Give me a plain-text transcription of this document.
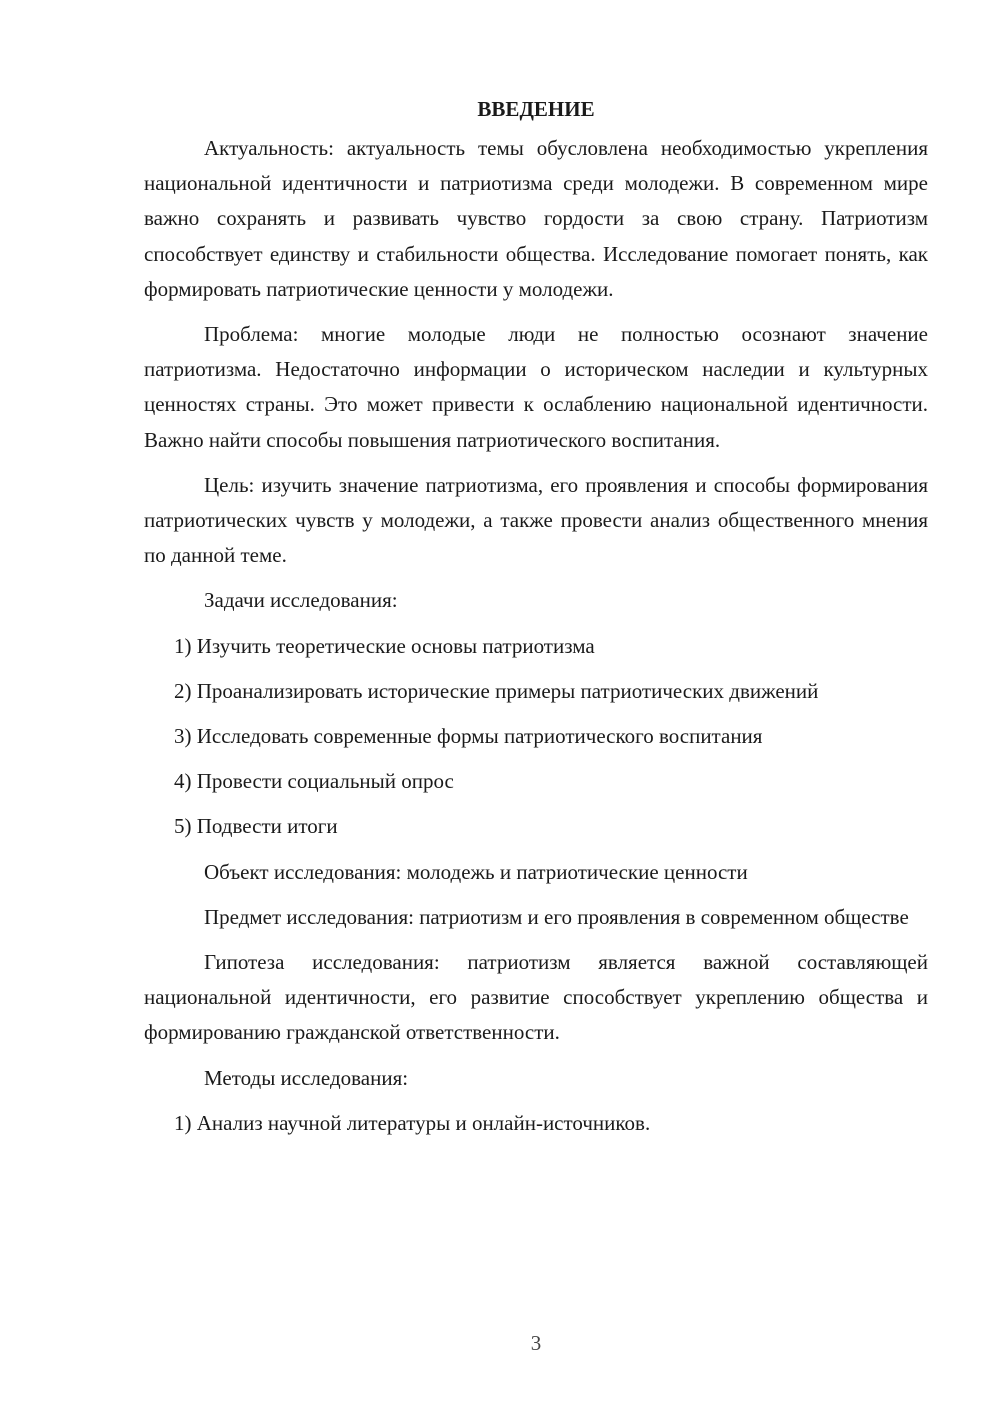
ВВЕДЕНИЕ

Актуальность: актуальность темы обусловлена необходимостью укрепления национальной идентичности и патриотизма среди молодежи. В современном мире важно сохранять и развивать чувство гордости за свою страну. Патриотизм способствует единству и стабильности общества. Исследование помогает понять, как формировать патриотические ценности у молодежи.

Проблема: многие молодые люди не полностью осознают значение патриотизма. Недостаточно информации о историческом наследии и культурных ценностях страны. Это может привести к ослаблению национальной идентичности. Важно найти способы повышения патриотического воспитания.

Цель: изучить значение патриотизма, его проявления и способы формирования патриотических чувств у молодежи, а также провести анализ общественного мнения по данной теме.

Задачи исследования:

1) Изучить теоретические основы патриотизма

2) Проанализировать исторические примеры патриотических движений

3) Исследовать современные формы патриотического воспитания

4) Провести социальный опрос

5) Подвести итоги

Объект исследования: молодежь и патриотические ценности

Предмет исследования: патриотизм и его проявления в современном обществе

Гипотеза исследования: патриотизм является важной составляющей национальной идентичности, его развитие способствует укреплению общества и формированию гражданской ответственности.

Методы исследования:

1) Анализ научной литературы и онлайн-источников.

3
